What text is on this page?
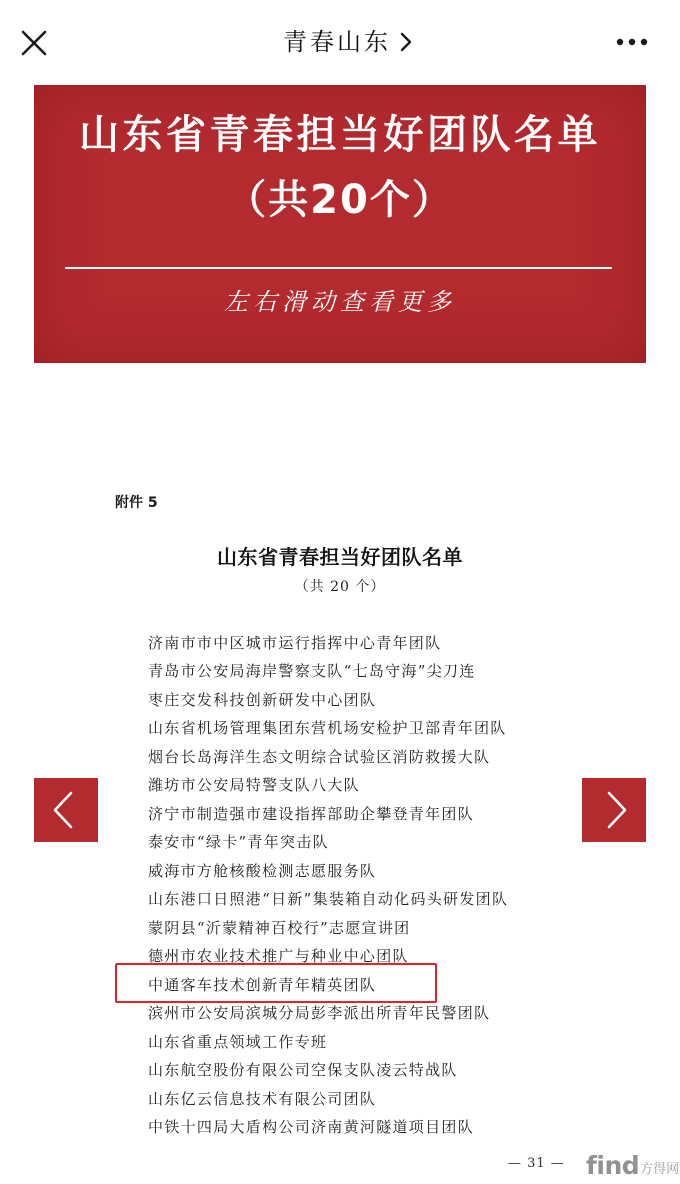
青春山东
山东省青春担当好团队名单
（共20个）
左右滑动查看更多
附件 5
山东省青春担当好团队名单
（共 20 个）
济南市市中区城市运行指挥中心青年团队
青岛市公安局海岸警察支队“七岛守海”尖刀连
枣庄交发科技创新研发中心团队
山东省机场管理集团东营机场安检护卫部青年团队
烟台长岛海洋生态文明综合试验区消防救援大队
潍坊市公安局特警支队八大队
济宁市制造强市建设指挥部助企攀登青年团队
泰安市“绿卡”青年突击队
威海市方舱核酸检测志愿服务队
山东港口日照港“日新”集装箱自动化码头研发团队
蒙阴县“沂蒙精神百校行”志愿宣讲团
德州市农业技术推广与种业中心团队
中通客车技术创新青年精英团队
滨州市公安局滨城分局彭李派出所青年民警团队
山东省重点领域工作专班
山东航空股份有限公司空保支队凌云特战队
山东亿云信息技术有限公司团队
中铁十四局大盾构公司济南黄河隧道项目团队
— 31 — find 方得网
